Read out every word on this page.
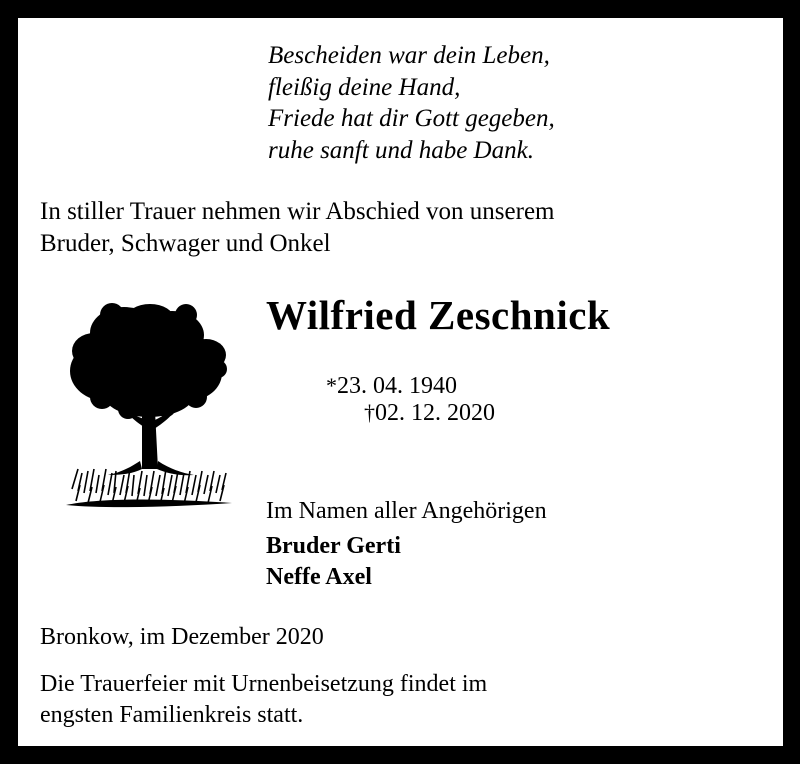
Bescheiden war dein Leben,
fleißig deine Hand,
Friede hat dir Gott gegeben,
ruhe sanft und habe Dank.
In stiller Trauer nehmen wir Abschied von unserem
Bruder, Schwager und Onkel
Wilfried Zeschnick

*23. 04. 1940
†02. 12. 2020

Im Namen aller Angehörigen
Bruder Gerti
Neffe Axel
Bronkow, im Dezember 2020
Die Trauerfeier mit Urnenbeisetzung findet im
engsten Familienkreis statt.
